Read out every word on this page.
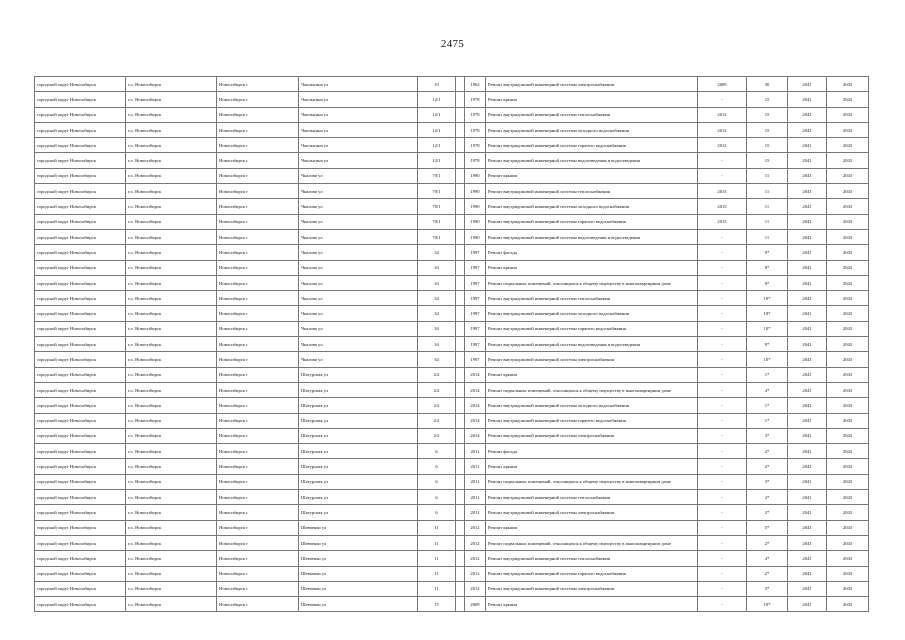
2475
городской округ Новосибирск	г.о. Новосибирск	Новосибирск г	Чаплыгина ул	10		1962	Ремонт внутридомовой инженерной системы электроснабжения	2009	30	2041	2043
городской округ Новосибирск	г.о. Новосибирск	Новосибирск г	Чаплыгина ул	12/1		1978	Ремонт крыши	-	15	2041	2043
городской округ Новосибирск	г.о. Новосибирск	Новосибирск г	Чаплыгина ул	12/1		1978	Ремонт внутридомовой инженерной системы теплоснабжения	2012	15	2041	2043
городской округ Новосибирск	г.о. Новосибирск	Новосибирск г	Чаплыгина ул	12/1		1978	Ремонт внутридомовой инженерной системы холодного водоснабжения	2012	15	2041	2043
городской округ Новосибирск	г.о. Новосибирск	Новосибирск г	Чаплыгина ул	12/1		1978	Ремонт внутридомовой инженерной системы горячего водоснабжения	2012	15	2041	2043
городской округ Новосибирск	г.о. Новосибирск	Новосибирск г	Чаплыгина ул	12/1		1978	Ремонт внутридомовой инженерной системы водоотведения и водоотведения	-	15	2041	2043
городской округ Новосибирск	г.о. Новосибирск	Новосибирск г	Чкалова ул	70/1		1990	Ремонт крыши	-	11	2041	2043
городской округ Новосибирск	г.о. Новосибирск	Новосибирск г	Чкалова ул	70/1		1990	Ремонт внутридомовой инженерной системы теплоснабжения	2015	11	2041	2043
городской округ Новосибирск	г.о. Новосибирск	Новосибирск г	Чкалова ул	70/1		1990	Ремонт внутридомовой инженерной системы холодного водоснабжения	2015	11	2041	2043
городской округ Новосибирск	г.о. Новосибирск	Новосибирск г	Чкалова ул	70/1		1990	Ремонт внутридомовой инженерной системы горячего водоснабжения	2015	11	2041	2043
городской округ Новосибирск	г.о. Новосибирск	Новосибирск г	Чкалова ул	70/1		1990	Ремонт внутридомовой инженерной системы водоотведения и водоотведения	-	11	2041	2043
городской округ Новосибирск	г.о. Новосибирск	Новосибирск г	Чкалова ул	34		1997	Ремонт фасада	-	9*	2041	2043
городской округ Новосибирск	г.о. Новосибирск	Новосибирск г	Чкалова ул	34		1997	Ремонт крыши	-	8*	2041	2043
городской округ Новосибирск	г.о. Новосибирск	Новосибирск г	Чкалова ул	34		1997	Ремонт подвальных помещений, относящихся к общему имуществу в многоквартирном доме	-	9*	2041	2043
городской округ Новосибирск	г.о. Новосибирск	Новосибирск г	Чкалова ул	34		1997	Ремонт внутридомовой инженерной системы теплоснабжения	-	10*	2041	2043
городской округ Новосибирск	г.о. Новосибирск	Новосибирск г	Чкалова ул	34		1997	Ремонт внутридомовой инженерной системы холодного водоснабжения	-	10*	2041	2043
городской округ Новосибирск	г.о. Новосибирск	Новосибирск г	Чкалова ул	34		1997	Ремонт внутридомовой инженерной системы горячего водоснабжения	-	10*	2041	2043
городской округ Новосибирск	г.о. Новосибирск	Новосибирск г	Чкалова ул	34		1997	Ремонт внутридомовой инженерной системы водоотведения и водоотведения	-	9*	2041	2043
городской округ Новосибирск	г.о. Новосибирск	Новосибирск г	Чкалова ул	34		1997	Ремонт внутридомовой инженерной системы электроснабжения	-	10*	2041	2043
городской округ Новосибирск	г.о. Новосибирск	Новосибирск г	Шатурская ул	2/2		2014	Ремонт крыши	-	1*	2041	2043
городской округ Новосибирск	г.о. Новосибирск	Новосибирск г	Шатурская ул	2/2		2014	Ремонт подвальных помещений, относящихся к общему имуществу в многоквартирном доме	-	4*	2041	2043
городской округ Новосибирск	г.о. Новосибирск	Новосибирск г	Шатурская ул	2/2		2014	Ремонт внутридомовой инженерной системы холодного водоснабжения	-	1*	2041	2043
городской округ Новосибирск	г.о. Новосибирск	Новосибирск г	Шатурская ул	2/2		2014	Ремонт внутридомовой инженерной системы горячего водоснабжения	-	1*	2041	2043
городской округ Новосибирск	г.о. Новосибирск	Новосибирск г	Шатурская ул	2/2		2014	Ремонт внутридомовой инженерной системы электроснабжения	-	3*	2041	2043
городской округ Новосибирск	г.о. Новосибирск	Новосибирск г	Шатурская ул	6		2011	Ремонт фасада	-	2*	2041	2043
городской округ Новосибирск	г.о. Новосибирск	Новосибирск г	Шатурская ул	6		2011	Ремонт крыши	-	2*	2041	2043
городской округ Новосибирск	г.о. Новосибирск	Новосибирск г	Шатурская ул	6		2011	Ремонт подвальных помещений, относящихся к общему имуществу в многоквартирном доме	-	3*	2041	2043
городской округ Новосибирск	г.о. Новосибирск	Новосибирск г	Шатурская ул	6		2011	Ремонт внутридомовой инженерной системы теплоснабжения	-	2*	2041	2043
городской округ Новосибирск	г.о. Новосибирск	Новосибирск г	Шатурская ул	6		2011	Ремонт внутридомовой инженерной системы электроснабжения	-	2*	2041	2043
городской округ Новосибирск	г.о. Новосибирск	Новосибирск г	Шевченко ул	11		2012	Ремонт крыши	-	5*	2041	2043
городской округ Новосибирск	г.о. Новосибирск	Новосибирск г	Шевченко ул	11		2012	Ремонт подвальных помещений, относящихся к общему имуществу в многоквартирном доме	-	2*	2041	2043
городской округ Новосибирск	г.о. Новосибирск	Новосибирск г	Шевченко ул	11		2012	Ремонт внутридомовой инженерной системы теплоснабжения	-	4*	2041	2043
городской округ Новосибирск	г.о. Новосибирск	Новосибирск г	Шевченко ул	11		2012	Ремонт внутридомовой инженерной системы горячего водоснабжения	-	2*	2041	2043
городской округ Новосибирск	г.о. Новосибирск	Новосибирск г	Шевченко ул	11		2012	Ремонт внутридомовой инженерной системы электроснабжения	-	3*	2041	2043
городской округ Новосибирск	г.о. Новосибирск	Новосибирск г	Шевченко ул	15		2009	Ремонт крыши	-	10*	2041	2043
